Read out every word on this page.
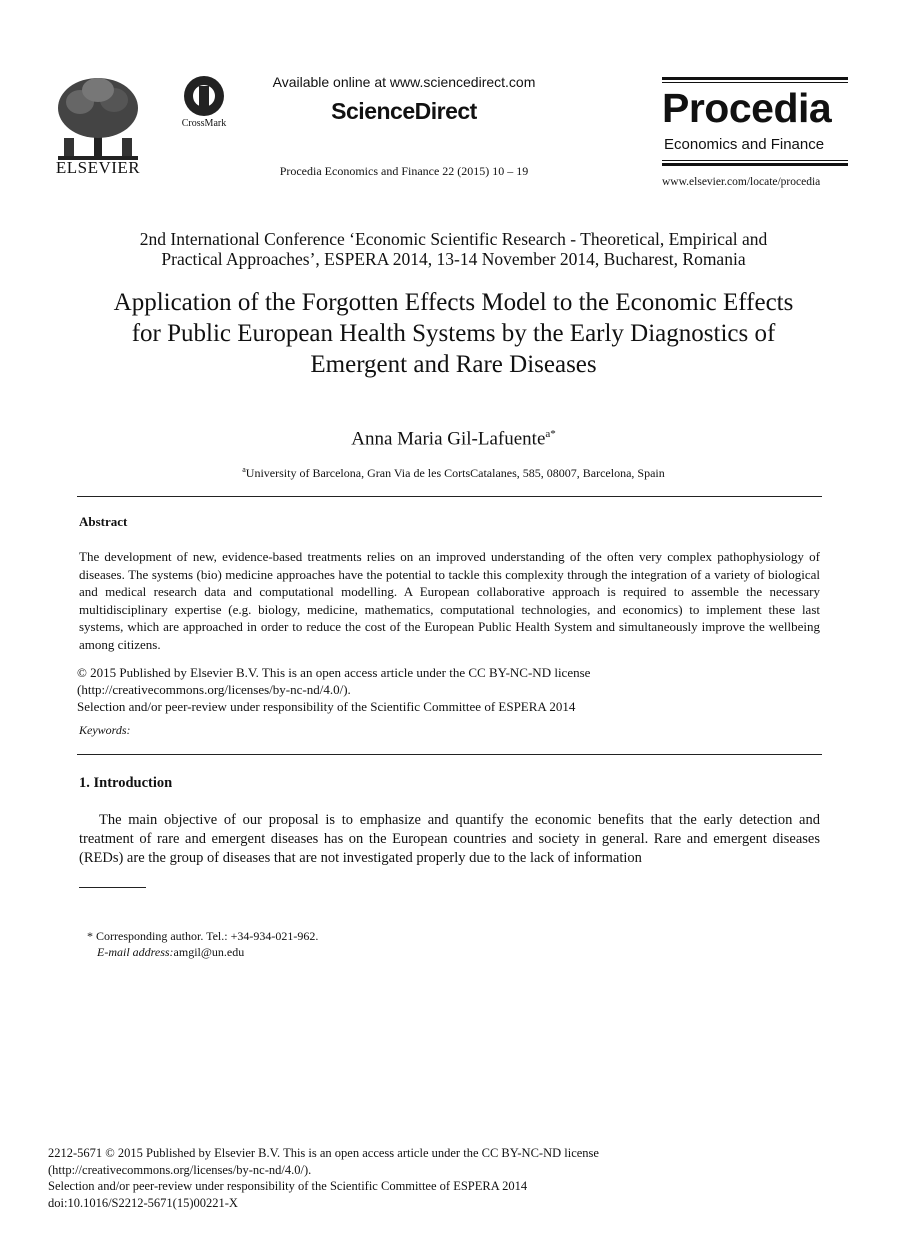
ELSEVIER
CrossMark
Available online at www.sciencedirect.com
ScienceDirect
Procedia Economics and Finance 22 (2015) 10 – 19
Procedia
Economics and Finance
www.elsevier.com/locate/procedia
2nd International Conference ‘Economic Scientific Research - Theoretical, Empirical and
Practical Approaches’, ESPERA 2014, 13-14 November 2014, Bucharest, Romania
Application of the Forgotten Effects Model to the Economic Effects
for Public European Health Systems by the Early Diagnostics of
Emergent and Rare Diseases
Anna Maria Gil-Lafuente$^{a*}$
$^a$University of Barcelona, Gran Via de les CortsCatalanes, 585, 08007, Barcelona, Spain
Abstract
The development of new, evidence-based treatments relies on an improved understanding of the often very complex pathophysiology of diseases. The systems (bio) medicine approaches have the potential to tackle this complexity through the integration of a variety of biological and medical research data and computational modelling. A European collaborative approach is required to assemble the necessary multidisciplinary expertise (e.g. biology, medicine, mathematics, computational technologies, and economics) to implement these last systems, which are approached in order to reduce the cost of the European Public Health System and simultaneously improve the wellbeing among citizens.
© 2015 Published by Elsevier B.V. This is an open access article under the CC BY-NC-ND license
(http://creativecommons.org/licenses/by-nc-nd/4.0/).
Selection and/or peer-review under responsibility of the Scientific Committee of ESPERA 2014
Keywords:
1. Introduction
The main objective of our proposal is to emphasize and quantify the economic benefits that the early detection and treatment of rare and emergent diseases has on the European countries and society in general. Rare and emergent diseases (REDs) are the group of diseases that are not investigated properly due to the lack of information
* Corresponding author. Tel.: +34-934-021-962.
E-mail address:amgil@un.edu
2212-5671 © 2015 Published by Elsevier B.V. This is an open access article under the CC BY-NC-ND license
(http://creativecommons.org/licenses/by-nc-nd/4.0/).
Selection and/or peer-review under responsibility of the Scientific Committee of ESPERA 2014
doi:10.1016/S2212-5671(15)00221-X
